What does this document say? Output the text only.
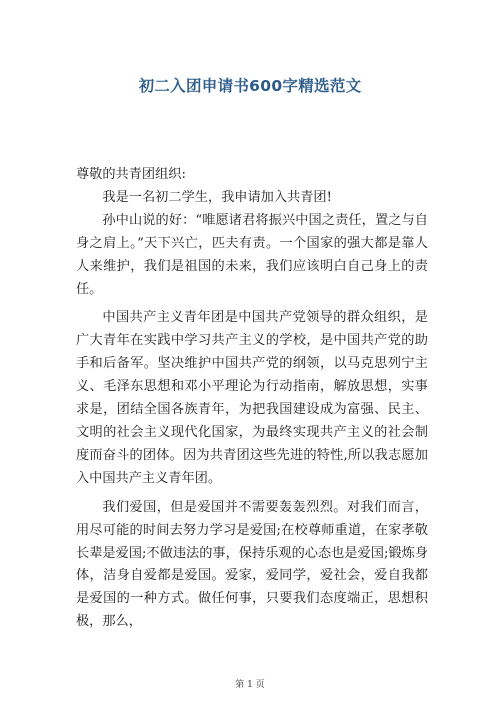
初二入团申请书600字精选范文

尊敬的共青团组织:

我是一名初二学生，我申请加入共青团!

孙中山说的好：“唯愿诸君将振兴中国之责任，置之与自身之肩上。”天下兴亡，匹夫有责。一个国家的强大都是靠人人来维护，我们是祖国的未来，我们应该明白自己身上的责任。

中国共产主义青年团是中国共产党领导的群众组织，是广大青年在实践中学习共产主义的学校，是中国共产党的助手和后备军。坚决维护中国共产党的纲领，以马克思列宁主义、毛泽东思想和邓小平理论为行动指南，解放思想，实事求是，团结全国各族青年，为把我国建设成为富强、民主、文明的社会主义现代化国家，为最终实现共产主义的社会制度而奋斗的团体。因为共青团这些先进的特性,所以我志愿加入中国共产主义青年团。

我们爱国，但是爱国并不需要轰轰烈烈。对我们而言，用尽可能的时间去努力学习是爱国;在校尊师重道，在家孝敬长辈是爱国;不做违法的事，保持乐观的心态也是爱国;锻炼身体，洁身自爱都是爱国。爱家，爱同学，爱社会，爱自我都是爱国的一种方式。做任何事，只要我们态度端正，思想积极，那么，

第 1 页
